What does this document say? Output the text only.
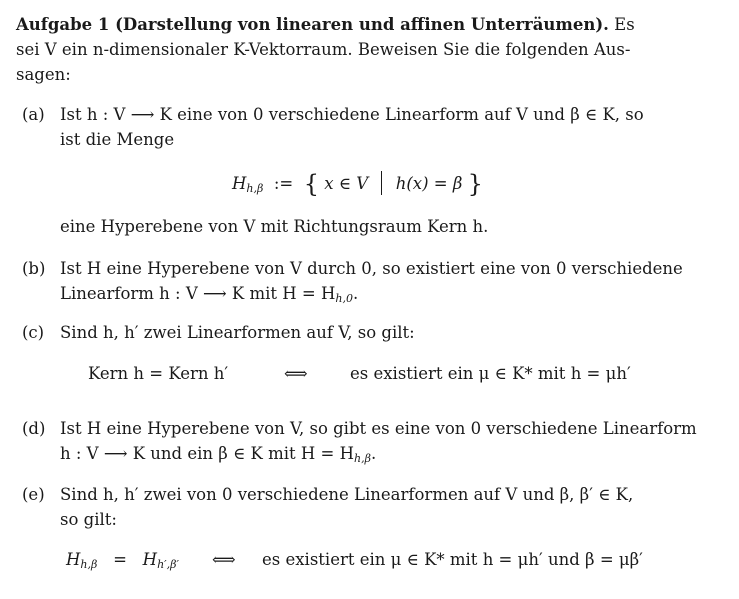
Aufgabe 1 (Darstellung von linearen und affinen Unterräumen). Es
sei V ein n-dimensionaler K-Vektorraum. Beweisen Sie die folgenden Aus-
sagen:
(a) Ist h : V ⟶ K eine von 0 verschiedene Linearform auf V und β ∈ K, so
ist die Menge
$H_{h,\beta}$ := { x ∈ V h(x) = β }
eine Hyperebene von V mit Richtungsraum Kern h.
(b) Ist H eine Hyperebene von V durch 0, so existiert eine von 0 verschiedene
Linearform h : V ⟶ K mit $H = H_{h,0}$.
(c) Sind h, h′ zwei Linearformen auf V, so gilt:
Kern h = Kern h′	⟺	es existiert ein μ ∈ K* mit h = μh′
(d) Ist H eine Hyperebene von V, so gibt es eine von 0 verschiedene Linearform
h : V ⟶ K und ein β ∈ K mit $H = H_{h,\beta}$.
(e) Sind h, h′ zwei von 0 verschiedene Linearformen auf V und β, β′ ∈ K,
so gilt:
$H_{h,\beta} = H_{h',\beta'}$ ⟺ es existiert ein μ ∈ K* mit h = μh′ und β = μβ′
